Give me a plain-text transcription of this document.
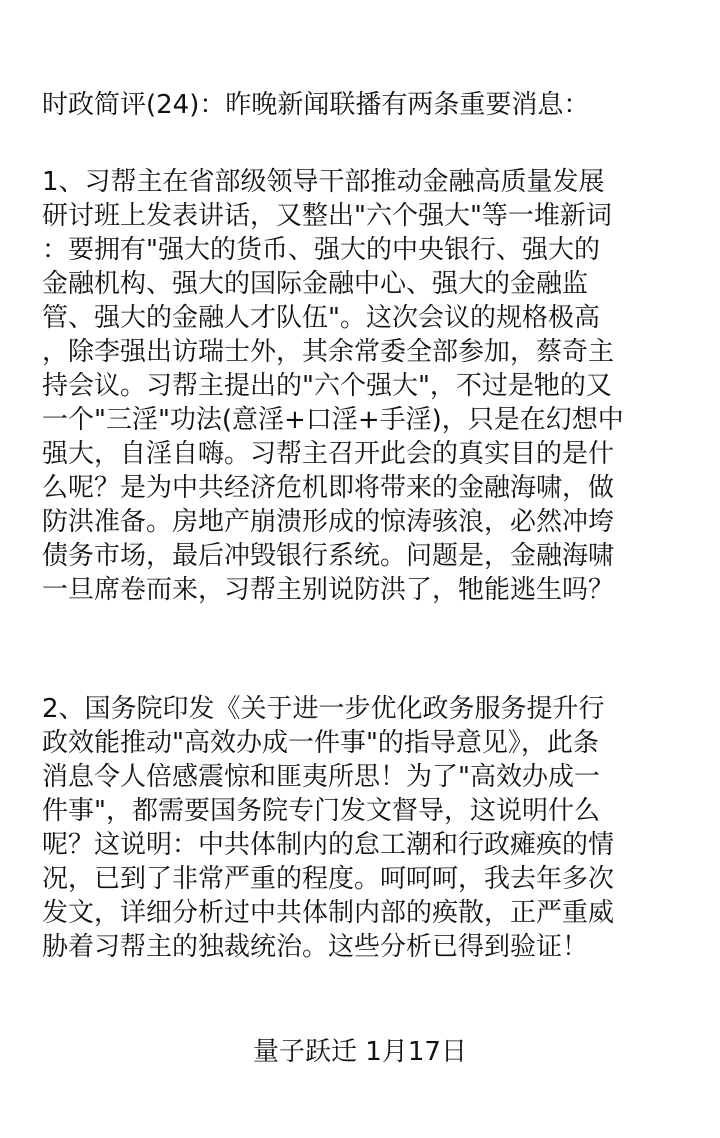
时政简评(24)：昨晚新闻联播有两条重要消息：
1、习帮主在省部级领导干部推动金融高质量发展
研讨班上发表讲话，又整出"六个强大"等一堆新词
：要拥有"强大的货币、强大的中央银行、强大的
金融机构、强大的国际金融中心、强大的金融监
管、强大的金融人才队伍"。这次会议的规格极高
，除李强出访瑞士外，其余常委全部参加，蔡奇主
持会议。习帮主提出的"六个强大"，不过是牠的又
一个"三淫"功法(意淫+口淫+手淫)，只是在幻想中
强大，自淫自嗨。习帮主召开此会的真实目的是什
么呢？是为中共经济危机即将带来的金融海啸，做
防洪准备。房地产崩溃形成的惊涛骇浪，必然冲垮
债务市场，最后冲毁银行系统。问题是，金融海啸
一旦席卷而来，习帮主别说防洪了，牠能逃生吗？
2、国务院印发《关于进一步优化政务服务提升行
政效能推动"高效办成一件事"的指导意见》，此条
消息令人倍感震惊和匪夷所思！为了"高效办成一
件事"，都需要国务院专门发文督导，这说明什么
呢？这说明：中共体制内的怠工潮和行政瘫痪的情
况，已到了非常严重的程度。呵呵呵，我去年多次
发文，详细分析过中共体制内部的痪散，正严重威
胁着习帮主的独裁统治。这些分析已得到验证！
量子跃迁 1月17日
